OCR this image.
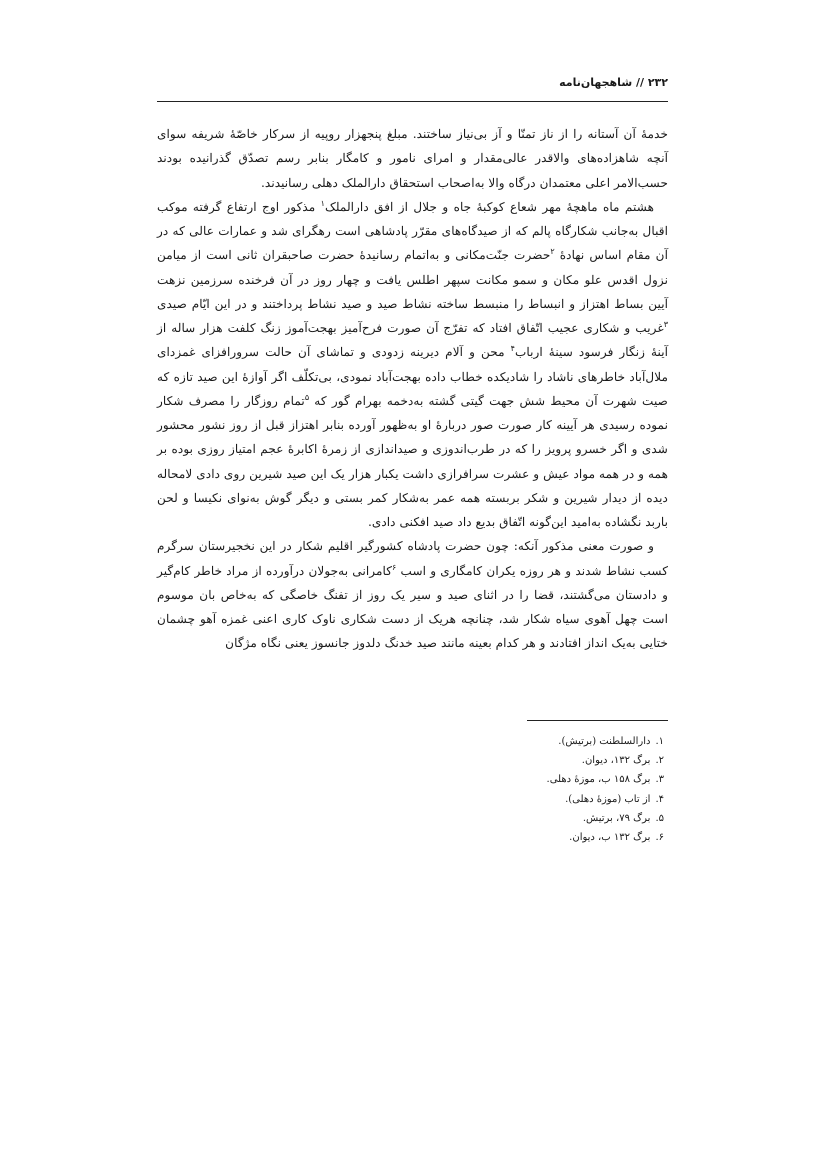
۲۳۲ // شاهجهان‌نامه

خدمهٔ آن آستانه را از ناز تمنّا و آز بی‌نیاز ساختند. مبلغ پنجهزار روپیه از سرکار خاصّهٔ شریفه سوای آنچه شاهزاده‌های والاقدر عالی‌مقدار و امرای نامور و کامگار بنابر رسم تصدّق گذرانیده بودند حسب‌الامر اعلی معتمدان درگاه والا به‌اصحاب استحقاق دارالملک دهلی رسانیدند.

هشتم ماه ماهچهٔ مهر شعاع کوکبهٔ جاه و جلال از افق دارالملک$^۱$ مذکور اوج ارتفاع گرفته موکب اقبال به‌جانب شکارگاه پالم که از صیدگاه‌های مقرّر پادشاهی است رهگرای شد و عمارات عالی که در آن مقام اساس نهادهٔ $^۲$حضرت جنّت‌مکانی و به‌اتمام رسانیدهٔ حضرت صاحبقران ثانی است از میامن نزول اقدس علو مکان و سمو مکانت سپهر اطلس یافت و چهار روز در آن فرخنده سرزمین نزهت آیین بساط اهتزاز و انبساط را منبسط ساخته نشاط صید و صید نشاط پرداختند و در این ایّام صیدی $^۳$غریب و شکاری عجیب اتّفاق افتاد که تفرّج آن صورت فرح‌آمیز بهجت‌آموز زنگ کلفت هزار ساله از آینهٔ زنگار فرسود سینهٔ ارباب$^۴$ محن و آلام دیرینه زدودی و تماشای آن حالت سرورافزای غمزدای ملال‌آباد خاطرهای ناشاد را شادیکده خطاب داده بهجت‌آباد نمودی، بی‌تکلّف اگر آوازهٔ این صید تازه که صیت شهرت آن محیط شش جهت گیتی گشته به‌دخمه بهرام گور که $^۵$تمام روزگار را مصرف شکار نموده رسیدی هر آیینه کار صورت صور دربارهٔ او به‌ظهور آورده بنابر اهتزاز قبل از روز نشور محشور شدی و اگر خسرو پرویز را که در طرب‌اندوزی و صیداندازی از زمرهٔ اکابرهٔ عجم امتیاز روزی بوده بر همه و در همه مواد عیش و عشرت سرافرازی داشت یکبار هزار یک این صید شیرین روی دادی لامحاله دیده از دیدار شیرین و شکر بربسته همه عمر به‌شکار کمر بستی و دیگر گوش به‌نوای نکیسا و لحن باربد نگشاده به‌امید این‌گونه اتّفاق بدیع داد صید افکنی دادی.

و صورت معنی مذکور آنکه: چون حضرت پادشاه کشورگیر اقلیم شکار در این نخجیرستان سرگرم کسب نشاط شدند و هر روزه یکران کامگاری و اسب $^۶$کامرانی به‌جولان درآورده از مراد خاطر کام‌گیر و دادستان می‌گشتند، قضا را در اثنای صید و سیر یک روز از تفنگ خاصگی که به‌خاص بان موسوم است چهل آهوی سیاه شکار شد، چنانچه هریک از دست شکاری ناوک کاری اعنی غمزه آهو چشمان ختایی به‌یک انداز افتادند و هر کدام بعینه مانند صید خدنگ دلدوز جانسوز یعنی نگاه مژگان

۱.دارالسلطنت (برتیش).
۲.برگ ۱۳۲، دیوان.
۳.برگ ۱۵۸ ب، موزهٔ دهلی.
۴.از تاب (موزهٔ دهلی).
۵.برگ ۷۹، برتیش.
۶.برگ ۱۳۲ ب، دیوان.
